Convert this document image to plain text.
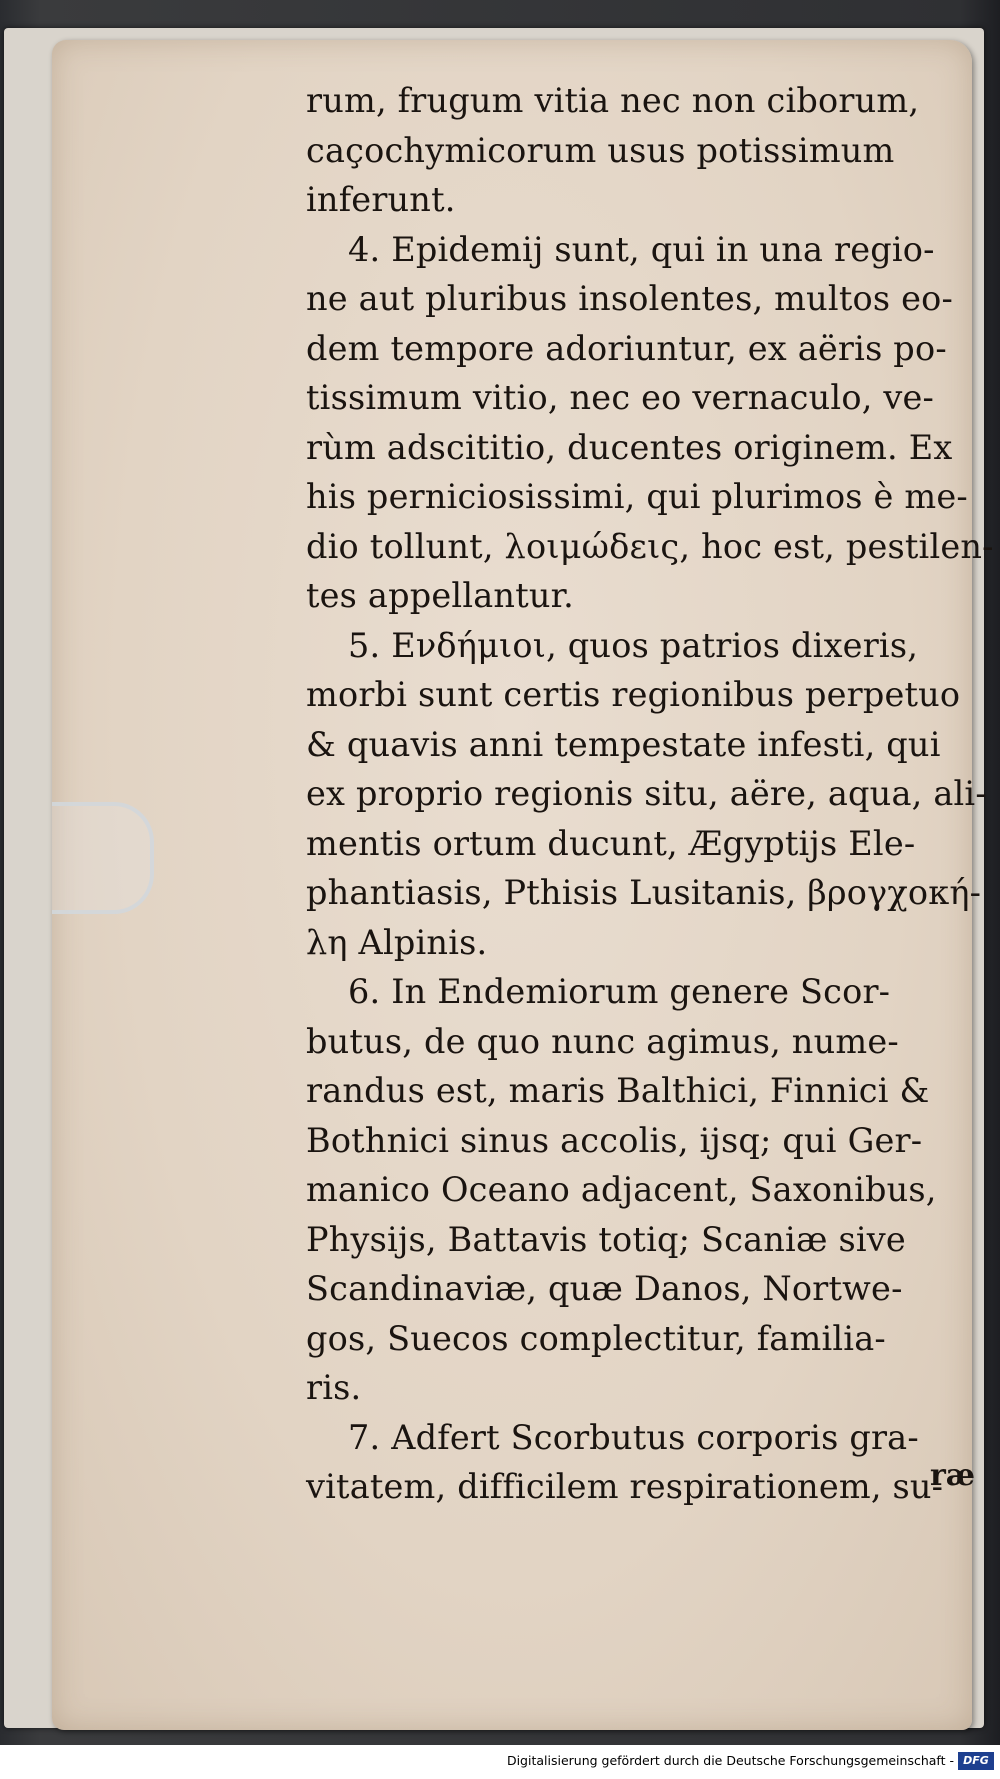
rum, frugum vitia nec non ciborum,
caçochymicorum usus potissimum
inferunt.
4. Epidemij sunt, qui in una regio-
ne aut pluribus insolentes, multos eo-
dem tempore adoriuntur, ex aëris po-
tissimum vitio, nec eo vernaculo, ve-
rùm adscititio, ducentes originem. Ex
his perniciosissimi, qui plurimos è me-
dio tollunt, λοιμώδεις, hoc est, pestilen-
tes appellantur.
5. Ενδήμιοι, quos patrios dixeris,
morbi sunt certis regionibus perpetuo
& quavis anni tempestate infesti, qui
ex proprio regionis situ, aëre, aqua, ali-
mentis ortum ducunt, Ægyptijs Ele-
phantiasis, Pthisis Lusitanis, βρογχοκή-
λη Alpinis.
6. In Endemiorum genere Scor-
butus, de quo nunc agimus, nume-
randus est, maris Balthici, Finnici &
Bothnici sinus accolis, ijsq; qui Ger-
manico Oceano adjacent, Saxonibus,
Physijs, Battavis totiq; Scaniæ sive
Scandinaviæ, quæ Danos, Nortwe-
gos, Suecos complectitur, familia-
ris.
7. Adfert Scorbutus corporis gra-
vitatem, difficilem respirationem, su-
ræ
Digitalisierung gefördert durch die Deutsche Forschungsgemeinschaft - DFG
